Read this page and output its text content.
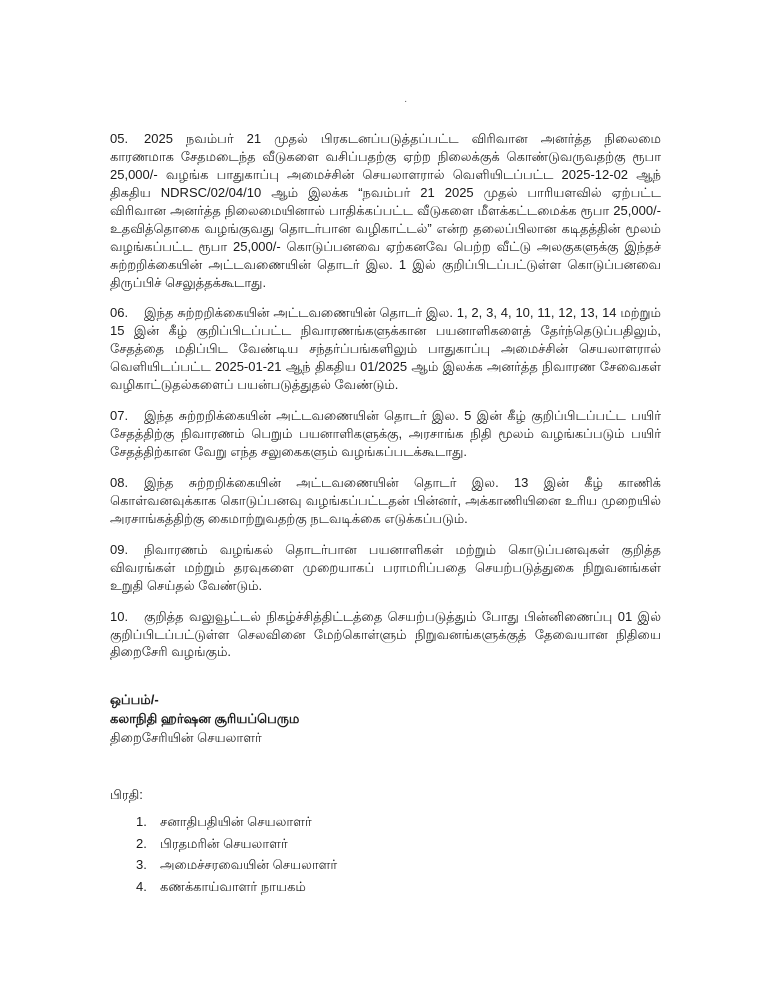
·

05. 2025 நவம்பர் 21 முதல் பிரகடனப்படுத்தப்பட்ட விரிவான அனர்த்த நிலைமை காரணமாக சேதமடைந்த வீடுகளை வசிப்பதற்கு ஏற்ற நிலைக்குக் கொண்டுவருவதற்கு ரூபா 25,000/- வழங்க பாதுகாப்பு அமைச்சின் செயலாளரால் வெளியிடப்பட்ட 2025-12-02 ஆந் திகதிய NDRSC/02/04/10 ஆம் இலக்க “நவம்பர் 21 2025 முதல் பாரியளவில் ஏற்பட்ட விரிவான அனர்த்த நிலைமையினால் பாதிக்கப்பட்ட வீடுகளை மீளக்கட்டமைக்க ரூபா 25,000/- உதவித்தொகை வழங்குவது தொடர்பான வழிகாட்டல்” என்ற தலைப்பிலான கடிதத்தின் மூலம் வழங்கப்பட்ட ரூபா 25,000/- கொடுப்பனவை ஏற்கனவே பெற்ற வீட்டு அலகுகளுக்கு இந்தச் சுற்றறிக்கையின் அட்டவணையின் தொடர் இல. 1 இல் குறிப்பிடப்பட்டுள்ள கொடுப்பனவை திருப்பிச் செலுத்தக்கூடாது.

06. இந்த சுற்றறிக்கையின் அட்டவணையின் தொடர் இல. 1, 2, 3, 4, 10, 11, 12, 13, 14 மற்றும் 15 இன் கீழ் குறிப்பிடப்பட்ட நிவாரணங்களுக்கான பயனாளிகளைத் தேர்ந்தெடுப்பதிலும், சேதத்தை மதிப்பிட வேண்டிய சந்தர்ப்பங்களிலும் பாதுகாப்பு அமைச்சின் செயலாளரால் வெளியிடப்பட்ட 2025-01-21 ஆந் திகதிய 01/2025 ஆம் இலக்க அனர்த்த நிவாரண சேவைகள் வழிகாட்டுதல்களைப் பயன்படுத்துதல் வேண்டும்.

07. இந்த சுற்றறிக்கையின் அட்டவணையின் தொடர் இல. 5 இன் கீழ் குறிப்பிடப்பட்ட பயிர் சேதத்திற்கு நிவாரணம் பெறும் பயனாளிகளுக்கு, அரசாங்க நிதி மூலம் வழங்கப்படும் பயிர் சேதத்திற்கான வேறு எந்த சலுகைகளும் வழங்கப்படக்கூடாது.

08. இந்த சுற்றறிக்கையின் அட்டவணையின் தொடர் இல. 13 இன் கீழ் காணிக் கொள்வனவுக்காக கொடுப்பனவு வழங்கப்பட்டதன் பின்னர், அக்காணியினை உரிய முறையில் அரசாங்கத்திற்கு கைமாற்றுவதற்கு நடவடிக்கை எடுக்கப்படும்.

09. நிவாரணம் வழங்கல் தொடர்பான பயனாளிகள் மற்றும் கொடுப்பனவுகள் குறித்த விவரங்கள் மற்றும் தரவுகளை முறையாகப் பராமரிப்பதை செயற்படுத்துகை நிறுவனங்கள் உறுதி செய்தல் வேண்டும்.

10. குறித்த வலுவூட்டல் நிகழ்ச்சித்திட்டத்தை செயற்படுத்தும் போது பின்னிணைப்பு 01 இல் குறிப்பிடப்பட்டுள்ள செலவினை மேற்கொள்ளும் நிறுவனங்களுக்குத் தேவையான நிதியை திறைசேரி வழங்கும்.

ஒப்பம்/-
கலாநிதி ஹர்ஷன சூரியப்பெரும
திறைசேரியின் செயலாளர்
பிரதி:
1.	சனாதிபதியின் செயலாளர்
2.	பிரதமரின் செயலாளர்
3.	அமைச்சரவையின் செயலாளர்
4.	கணக்காய்வாளர் நாயகம்
